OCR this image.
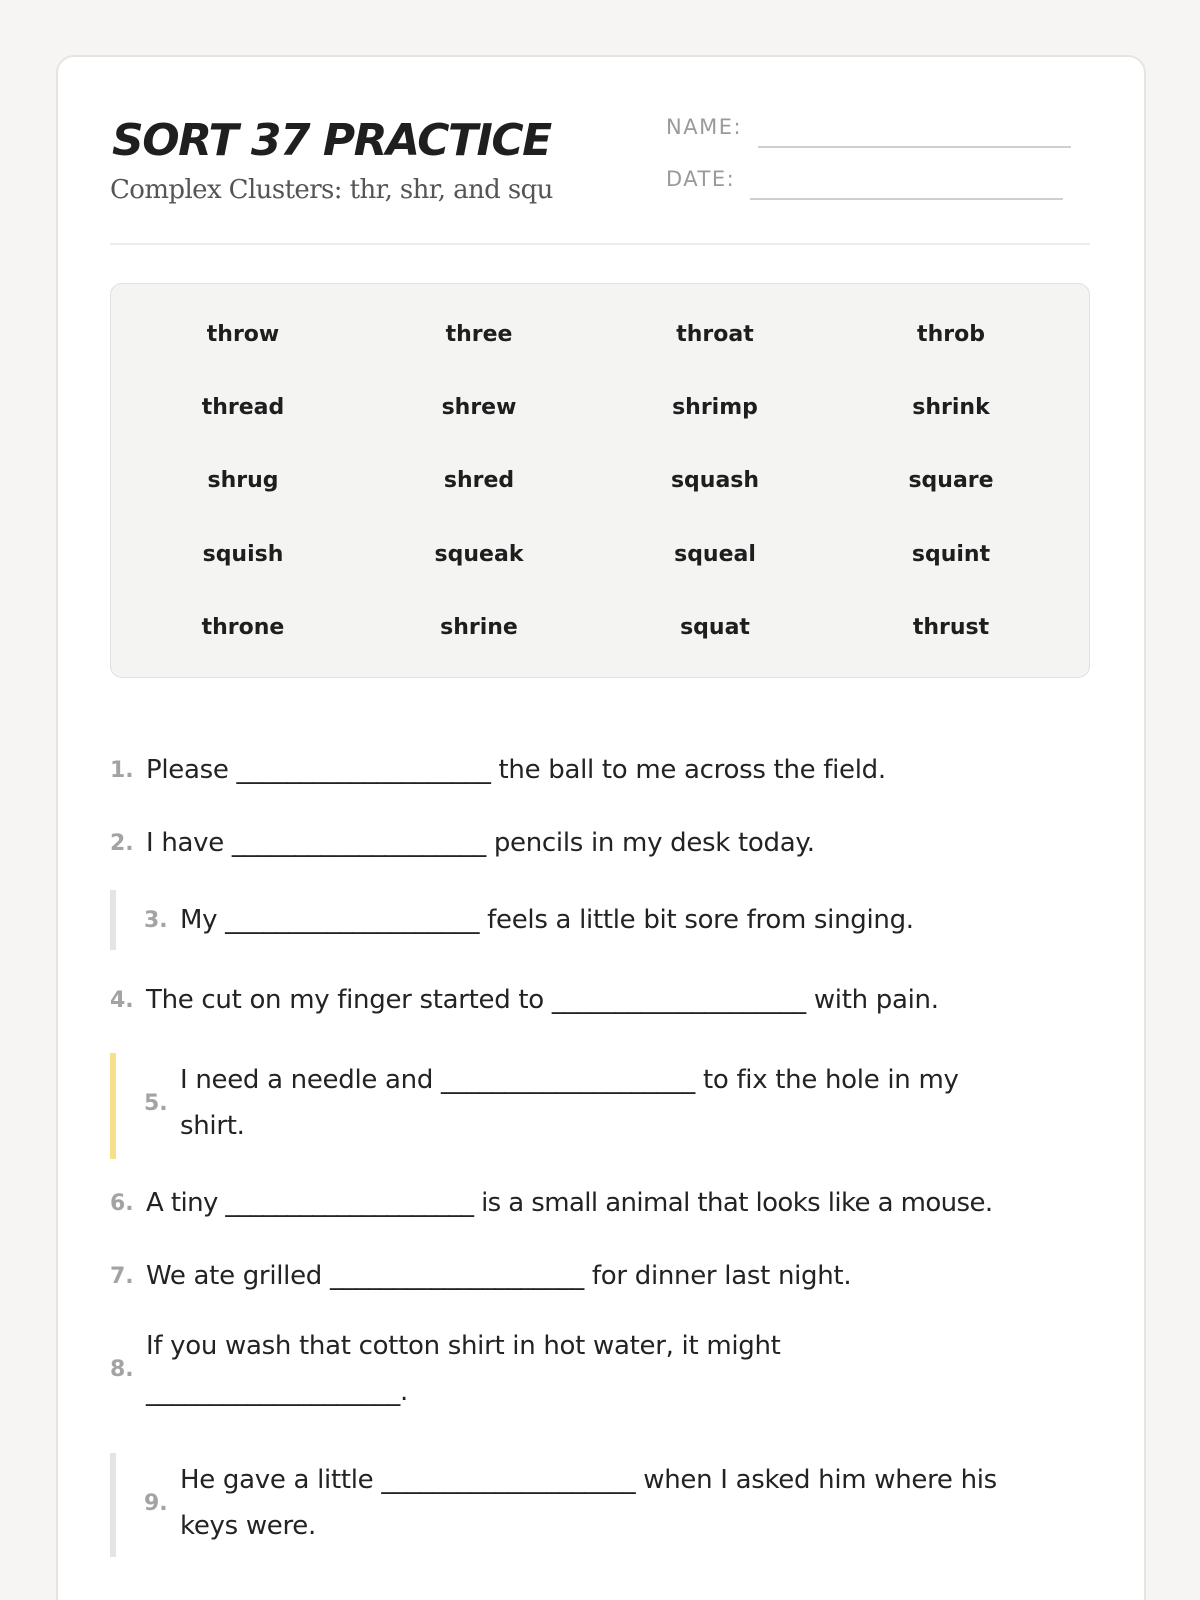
SORT 37 PRACTICE
Complex Clusters: thr, shr, and squ
NAME:
DATE:
throw	three	throat	throb
thread	shrew	shrimp	shrink
shrug	shred	squash	square
squish	squeak	squeal	squint
throne	shrine	squat	thrust
1. Please ____________________ the ball to me across the field.
2. I have ____________________ pencils in my desk today.
3. My ____________________ feels a little bit sore from singing.
4. The cut on my finger started to ____________________ with pain.
5.
I need a needle and ____________________ to fix the hole in my shirt.
6. A tiny ____________________ is a small animal that looks like a mouse.
7. We ate grilled ____________________ for dinner last night.
8.
If you wash that cotton shirt in hot water, it might ____________________.
9.
He gave a little ____________________ when I asked him where his keys were.
